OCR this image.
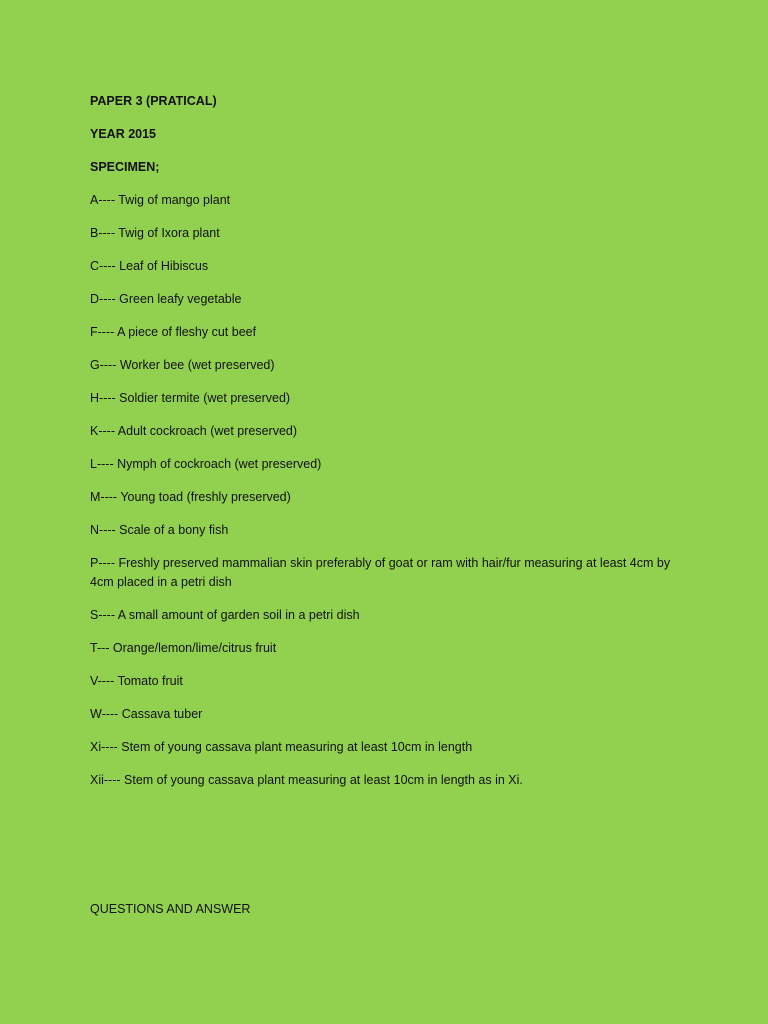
PAPER 3 (PRATICAL)

YEAR 2015

SPECIMEN;

A---- Twig of mango plant

B---- Twig of Ixora plant

C---- Leaf of Hibiscus

D---- Green leafy vegetable

F---- A piece of fleshy cut beef

G---- Worker bee (wet preserved)

H---- Soldier termite (wet preserved)

K---- Adult cockroach (wet preserved)

L---- Nymph of cockroach (wet preserved)

M---- Young toad (freshly preserved)

N---- Scale of a bony fish

P---- Freshly preserved mammalian skin preferably of goat or ram with hair/fur measuring at least 4cm by 4cm placed in a petri dish

S---- A small amount of garden soil in a petri dish

T--- Orange/lemon/lime/citrus fruit

V---- Tomato fruit

W---- Cassava tuber

Xi---- Stem of young cassava plant measuring at least 10cm in length

Xii---- Stem of young cassava plant measuring at least 10cm in length as in Xi.

QUESTIONS AND ANSWER
